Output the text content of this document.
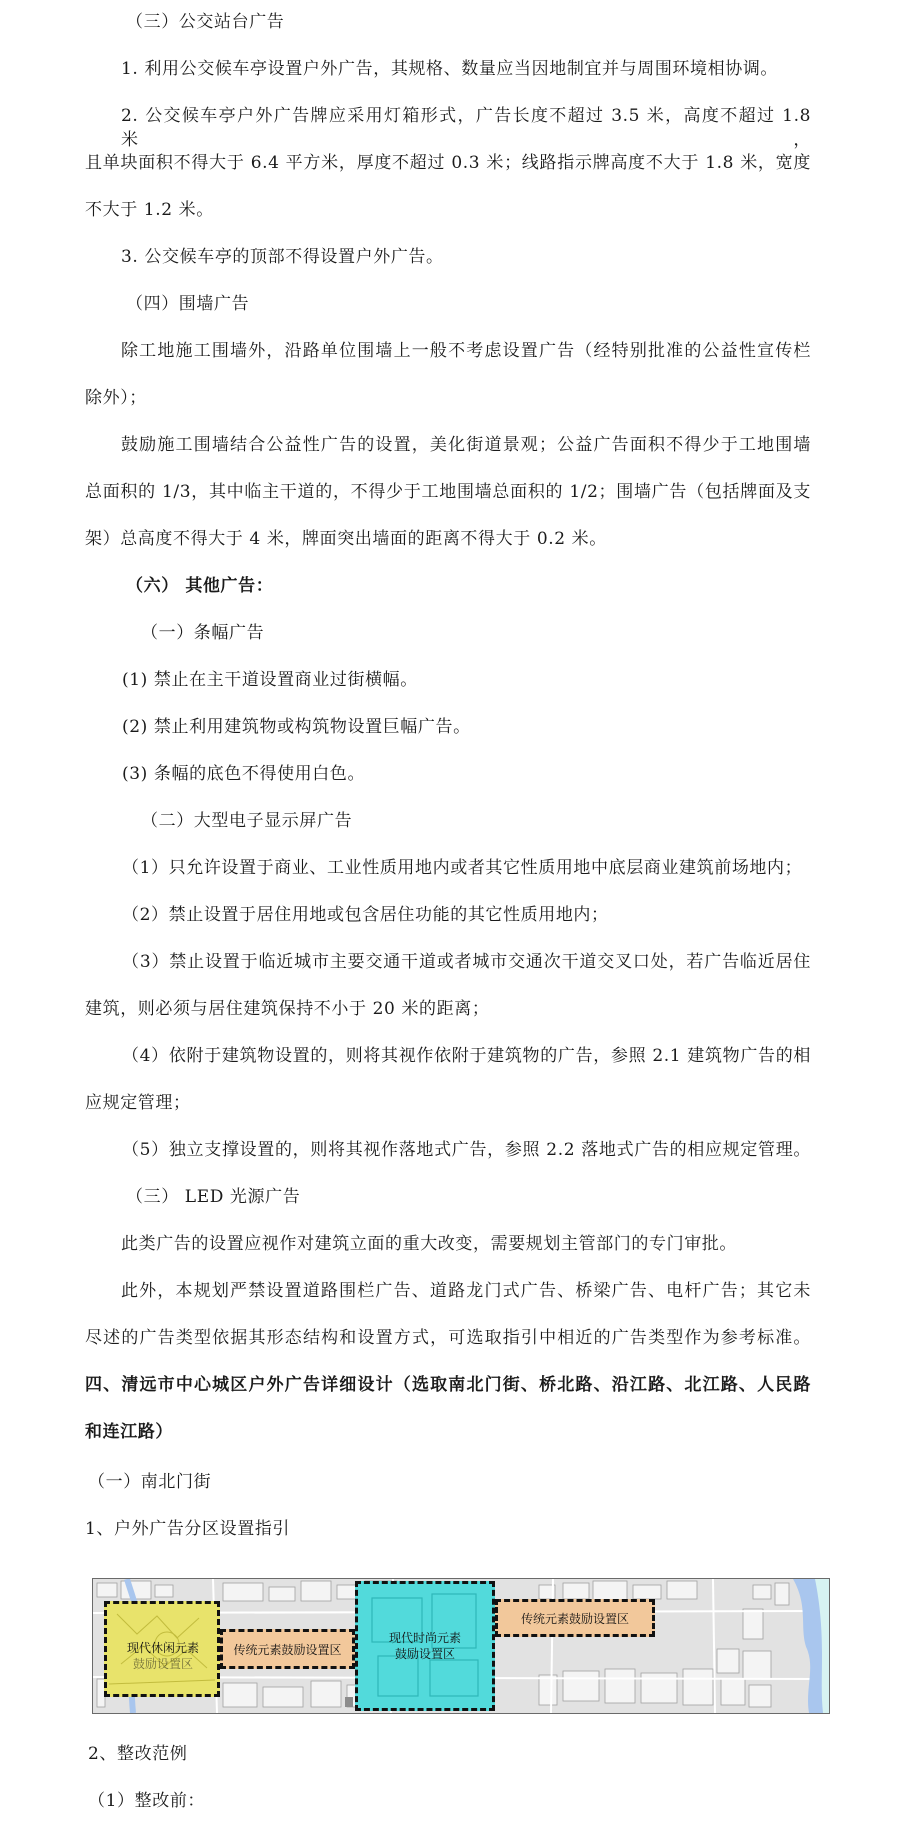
（三）公交站台广告
1. 利用公交候车亭设置户外广告，其规格、数量应当因地制宜并与周围环境相协调。
2. 公交候车亭户外广告牌应采用灯箱形式，广告长度不超过 3.5 米，高度不超过 1.8 米，
且单块面积不得大于 6.4 平方米，厚度不超过 0.3 米；线路指示牌高度不大于 1.8 米，宽度
不大于 1.2 米。
3. 公交候车亭的顶部不得设置户外广告。
（四）围墙广告
除工地施工围墙外，沿路单位围墙上一般不考虑设置广告（经特别批准的公益性宣传栏
除外）；
鼓励施工围墙结合公益性广告的设置，美化街道景观；公益广告面积不得少于工地围墙
总面积的 1/3，其中临主干道的，不得少于工地围墙总面积的 1/2；围墙广告（包括牌面及支
架）总高度不得大于 4 米，牌面突出墙面的距离不得大于 0.2 米。
（六） 其他广告：
（一）条幅广告
(1) 禁止在主干道设置商业过街横幅。
(2) 禁止利用建筑物或构筑物设置巨幅广告。
(3) 条幅的底色不得使用白色。
（二）大型电子显示屏广告
（1）只允许设置于商业、工业性质用地内或者其它性质用地中底层商业建筑前场地内；
（2）禁止设置于居住用地或包含居住功能的其它性质用地内；
（3）禁止设置于临近城市主要交通干道或者城市交通次干道交叉口处，若广告临近居住
建筑，则必须与居住建筑保持不小于 20 米的距离；
（4）依附于建筑物设置的，则将其视作依附于建筑物的广告，参照 2.1 建筑物广告的相
应规定管理；
（5）独立支撑设置的，则将其视作落地式广告，参照 2.2 落地式广告的相应规定管理。
（三） LED 光源广告
此类广告的设置应视作对建筑立面的重大改变，需要规划主管部门的专门审批。
此外，本规划严禁设置道路围栏广告、道路龙门式广告、桥梁广告、电杆广告；其它未
尽述的广告类型依据其形态结构和设置方式，可选取指引中相近的广告类型作为参考标准。
四、清远市中心城区户外广告详细设计（选取南北门街、桥北路、沿江路、北江路、人民路
和连江路）
（一）南北门街
1、户外广告分区设置指引
现代休闲元素
鼓励设置区
传统元素鼓励设置区
现代时尚元素
鼓励设置区
传统元素鼓励设置区
2、整改范例
（1）整改前：
